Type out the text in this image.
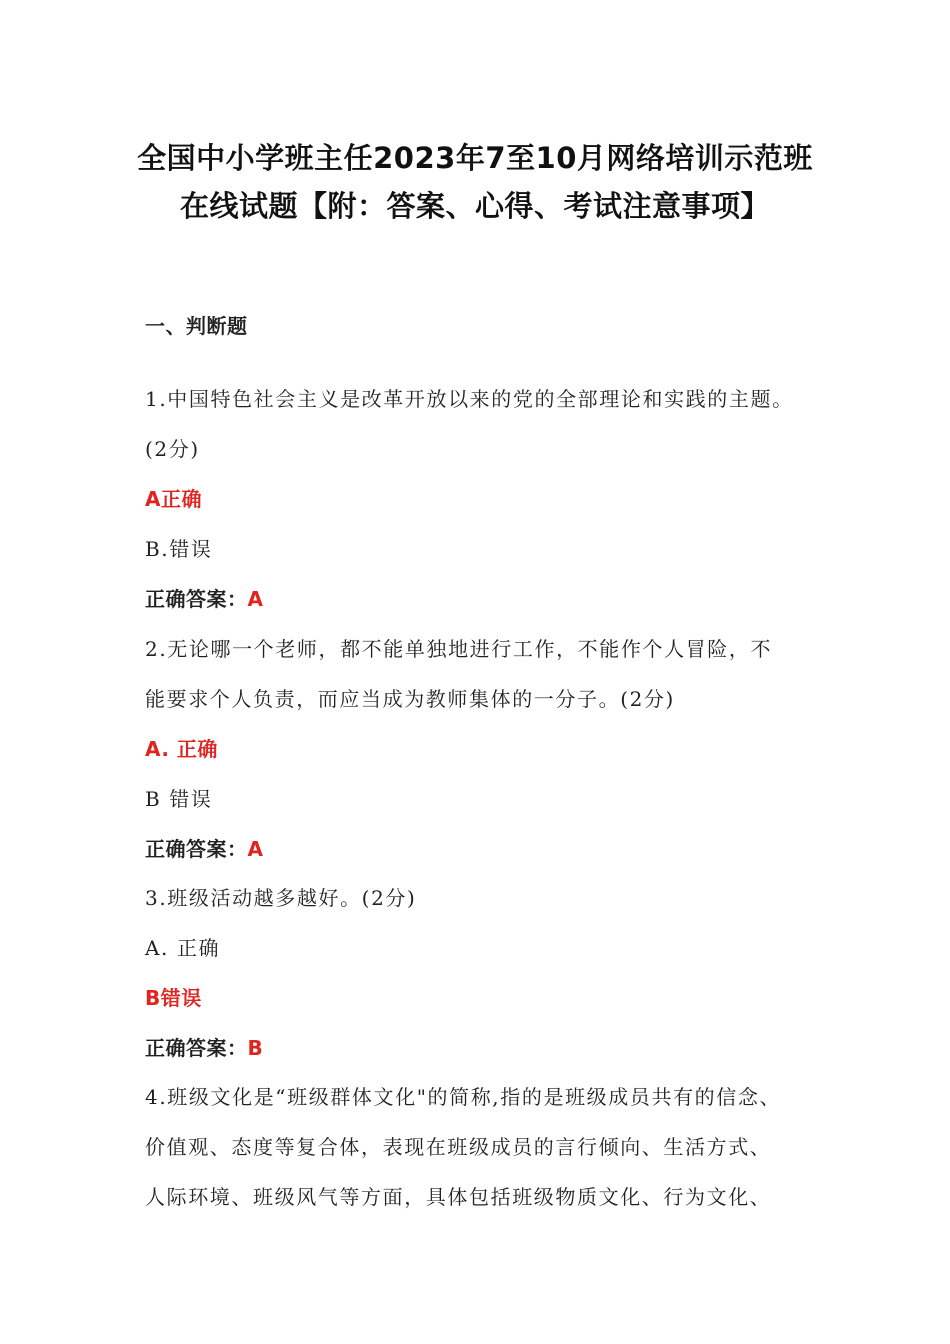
全国中小学班主任2023年7至10月网络培训示范班
在线试题【附：答案、心得、考试注意事项】
一、判断题
1.中国特色社会主义是改革开放以来的党的全部理论和实践的主题。
(2分)
A正确
B.错误
正确答案：A
2.无论哪一个老师，都不能单独地进行工作，不能作个人冒险，不
能要求个人负责，而应当成为教师集体的一分子。(2分)
A. 正确
B 错误
正确答案：A
3.班级活动越多越好。(2分)
A. 正确
B错误
正确答案：B
4.班级文化是“班级群体文化"的简称,指的是班级成员共有的信念、
价值观、态度等复合体，表现在班级成员的言行倾向、生活方式、
人际环境、班级风气等方面，具体包括班级物质文化、行为文化、
